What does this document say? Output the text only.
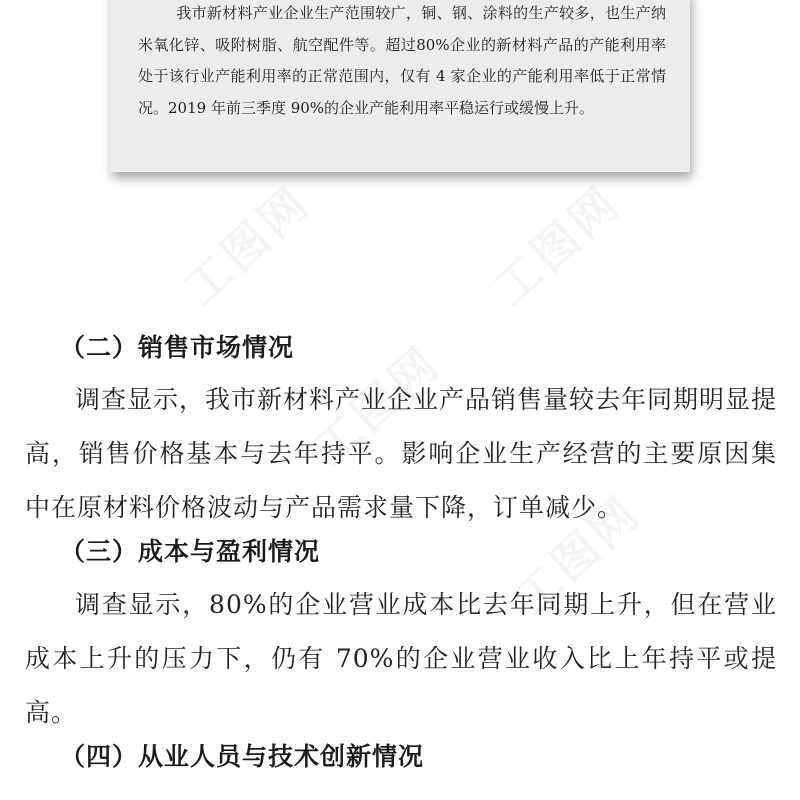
工图网	工图网
工图网
工图网

我市新材料产业企业生产范围较广，铜、钢、涂料的生产较多，也生产纳米氧化锌、吸附树脂、航空配件等。超过80%企业的新材料产品的产能利用率处于该行业产能利用率的正常范围内，仅有 4 家企业的产能利用率低于正常情况。2019 年前三季度 90%的企业产能利用率平稳运行或缓慢上升。

（二）销售市场情况

调查显示，我市新材料产业企业产品销售量较去年同期明显提高，销售价格基本与去年持平。影响企业生产经营的主要原因集中在原材料价格波动与产品需求量下降，订单减少。

（三）成本与盈利情况

调查显示，80%的企业营业成本比去年同期上升，但在营业成本上升的压力下，仍有 70%的企业营业收入比上年持平或提高。

（四）从业人员与技术创新情况
